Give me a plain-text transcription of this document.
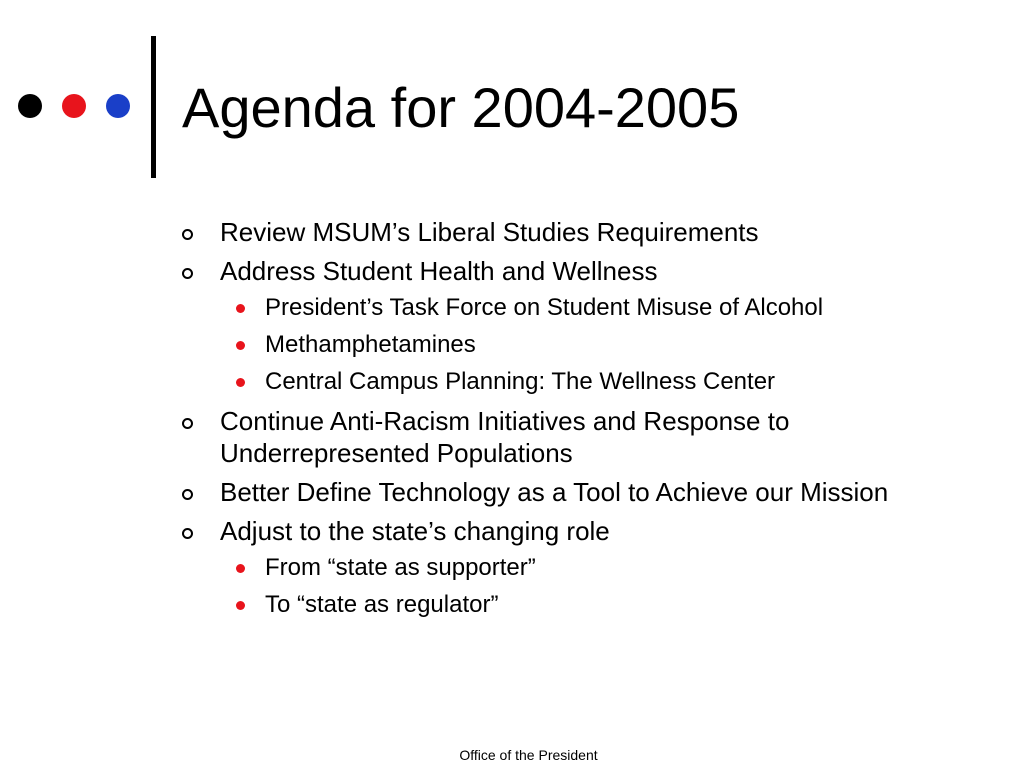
Agenda for 2004-2005
Review MSUM’s Liberal Studies Requirements
Address Student Health and Wellness
President’s Task Force on Student Misuse of Alcohol
Methamphetamines
Central Campus Planning: The Wellness Center
Continue Anti-Racism Initiatives and Response to Underrepresented Populations
Better Define Technology as a Tool to Achieve our Mission
Adjust to the state’s changing role
From “state as supporter”
To “state as regulator”
Office of the President
